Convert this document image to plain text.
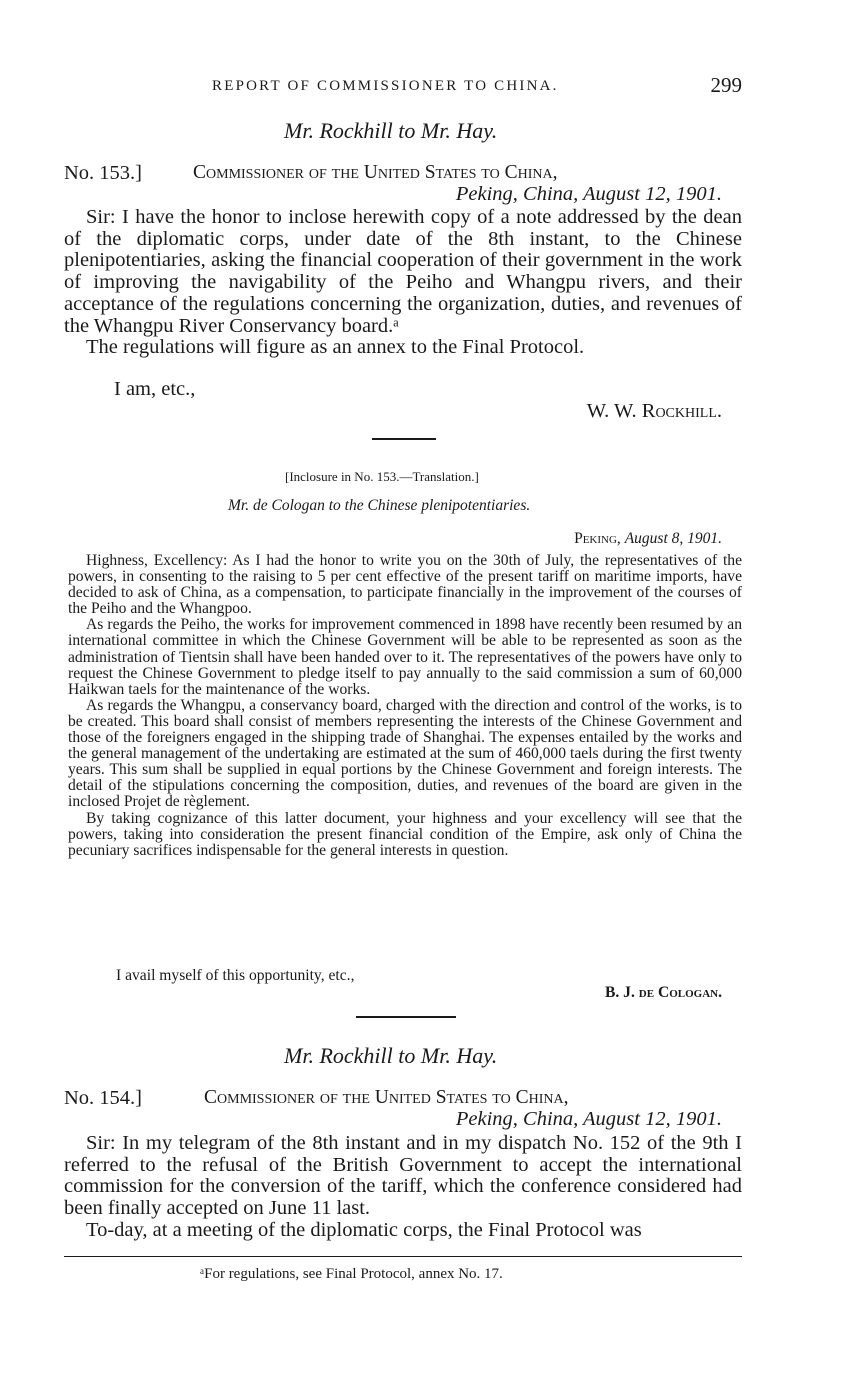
REPORT OF COMMISSIONER TO CHINA.	299
Mr. Rockhill to Mr. Hay.
No. 153.]	Commissioner of the United States to China,
Peking, China, August 12, 1901.

Sir: I have the honor to inclose herewith copy of a note addressed by the dean of the diplomatic corps, under date of the 8th instant, to the Chinese plenipotentiaries, asking the financial cooperation of their government in the work of improving the navigability of the Peiho and Whangpu rivers, and their acceptance of the regulations concerning the organization, duties, and revenues of the Whangpu River Conservancy board.ᵃ

The regulations will figure as an annex to the Final Protocol.

I am, etc.,
W. W. Rockhill.
[Inclosure in No. 153.—Translation.]
Mr. de Cologan to the Chinese plenipotentiaries.
Peking, August 8, 1901.

Highness, Excellency: As I had the honor to write you on the 30th of July, the representatives of the powers, in consenting to the raising to 5 per cent effective of the present tariff on maritime imports, have decided to ask of China, as a compensation, to participate financially in the improvement of the courses of the Peiho and the Whangpoo.

As regards the Peiho, the works for improvement commenced in 1898 have recently been resumed by an international committee in which the Chinese Government will be able to be represented as soon as the administration of Tientsin shall have been handed over to it. The representatives of the powers have only to request the Chinese Government to pledge itself to pay annually to the said commission a sum of 60,000 Haikwan taels for the maintenance of the works.

As regards the Whangpu, a conservancy board, charged with the direction and control of the works, is to be created. This board shall consist of members representing the interests of the Chinese Government and those of the foreigners engaged in the shipping trade of Shanghai. The expenses entailed by the works and the general management of the undertaking are estimated at the sum of 460,000 taels during the first twenty years. This sum shall be supplied in equal portions by the Chinese Government and foreign interests. The detail of the stipulations concerning the composition, duties, and revenues of the board are given in the inclosed Projet de règlement.

By taking cognizance of this latter document, your highness and your excellency will see that the powers, taking into consideration the present financial condition of the Empire, ask only of China the pecuniary sacrifices indispensable for the general interests in question.

I avail myself of this opportunity, etc.,
B. J. de Cologan.
Mr. Rockhill to Mr. Hay.
No. 154.]	Commissioner of the United States to China,
Peking, China, August 12, 1901.

Sir: In my telegram of the 8th instant and in my dispatch No. 152 of the 9th I referred to the refusal of the British Government to accept the international commission for the conversion of the tariff, which the conference considered had been finally accepted on June 11 last.

To-day, at a meeting of the diplomatic corps, the Final Protocol was

ᵃFor regulations, see Final Protocol, annex No. 17.
